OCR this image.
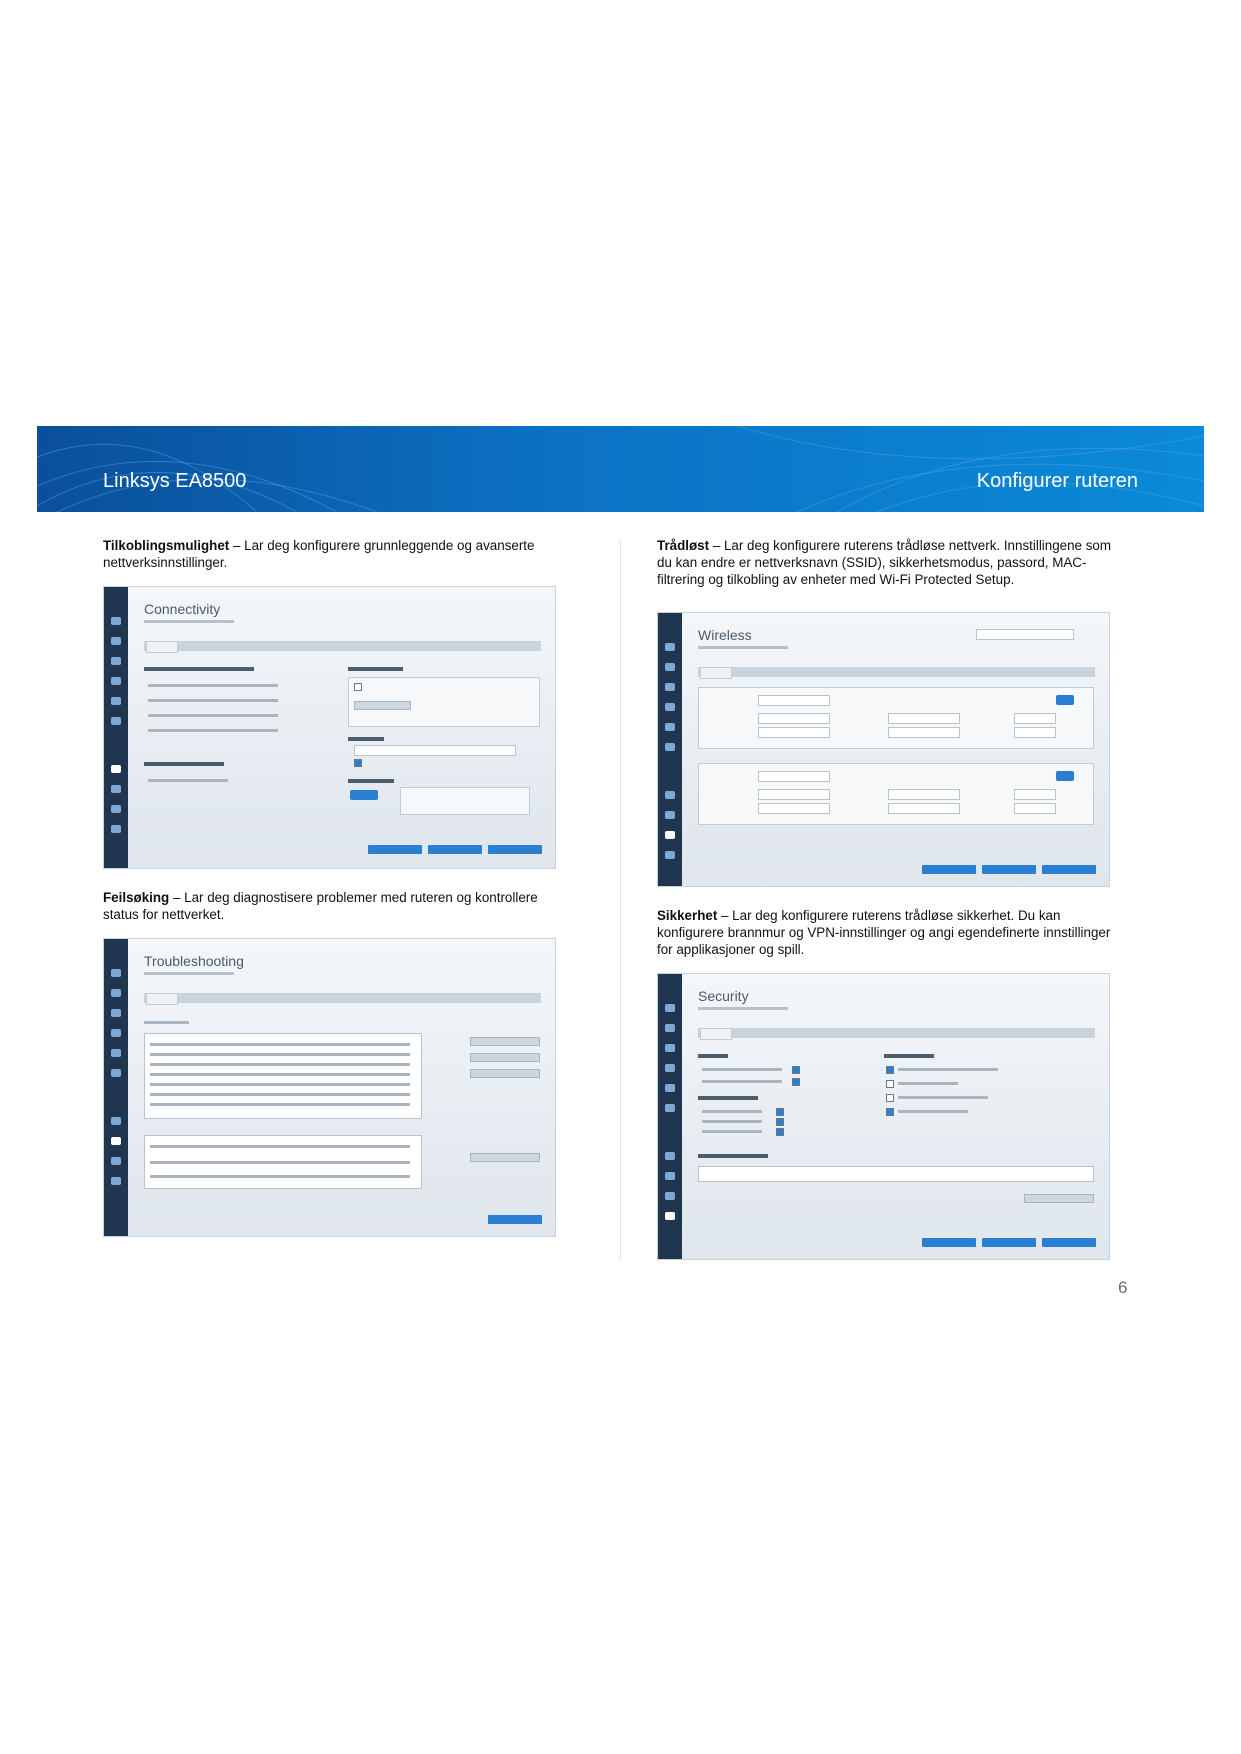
Linksys EA8500	Konfigurer ruteren
Tilkoblingsmulighet – Lar deg konfigurere grunnleggende og avanserte nettverksinnstillinger.
Connectivity
Feilsøking – Lar deg diagnostisere problemer med ruteren og kontrollere status for nettverket.
Troubleshooting
Trådløst – Lar deg konfigurere ruterens trådløse nettverk. Innstillingene som du kan endre er nettverksnavn (SSID), sikkerhetsmodus, passord, MAC-filtrering og tilkobling av enheter med Wi-Fi Protected Setup.
Wireless
Sikkerhet – Lar deg konfigurere ruterens trådløse sikkerhet. Du kan konfigurere brannmur og VPN-innstillinger og angi egendefinerte innstillinger for applikasjoner og spill.
Security
6
